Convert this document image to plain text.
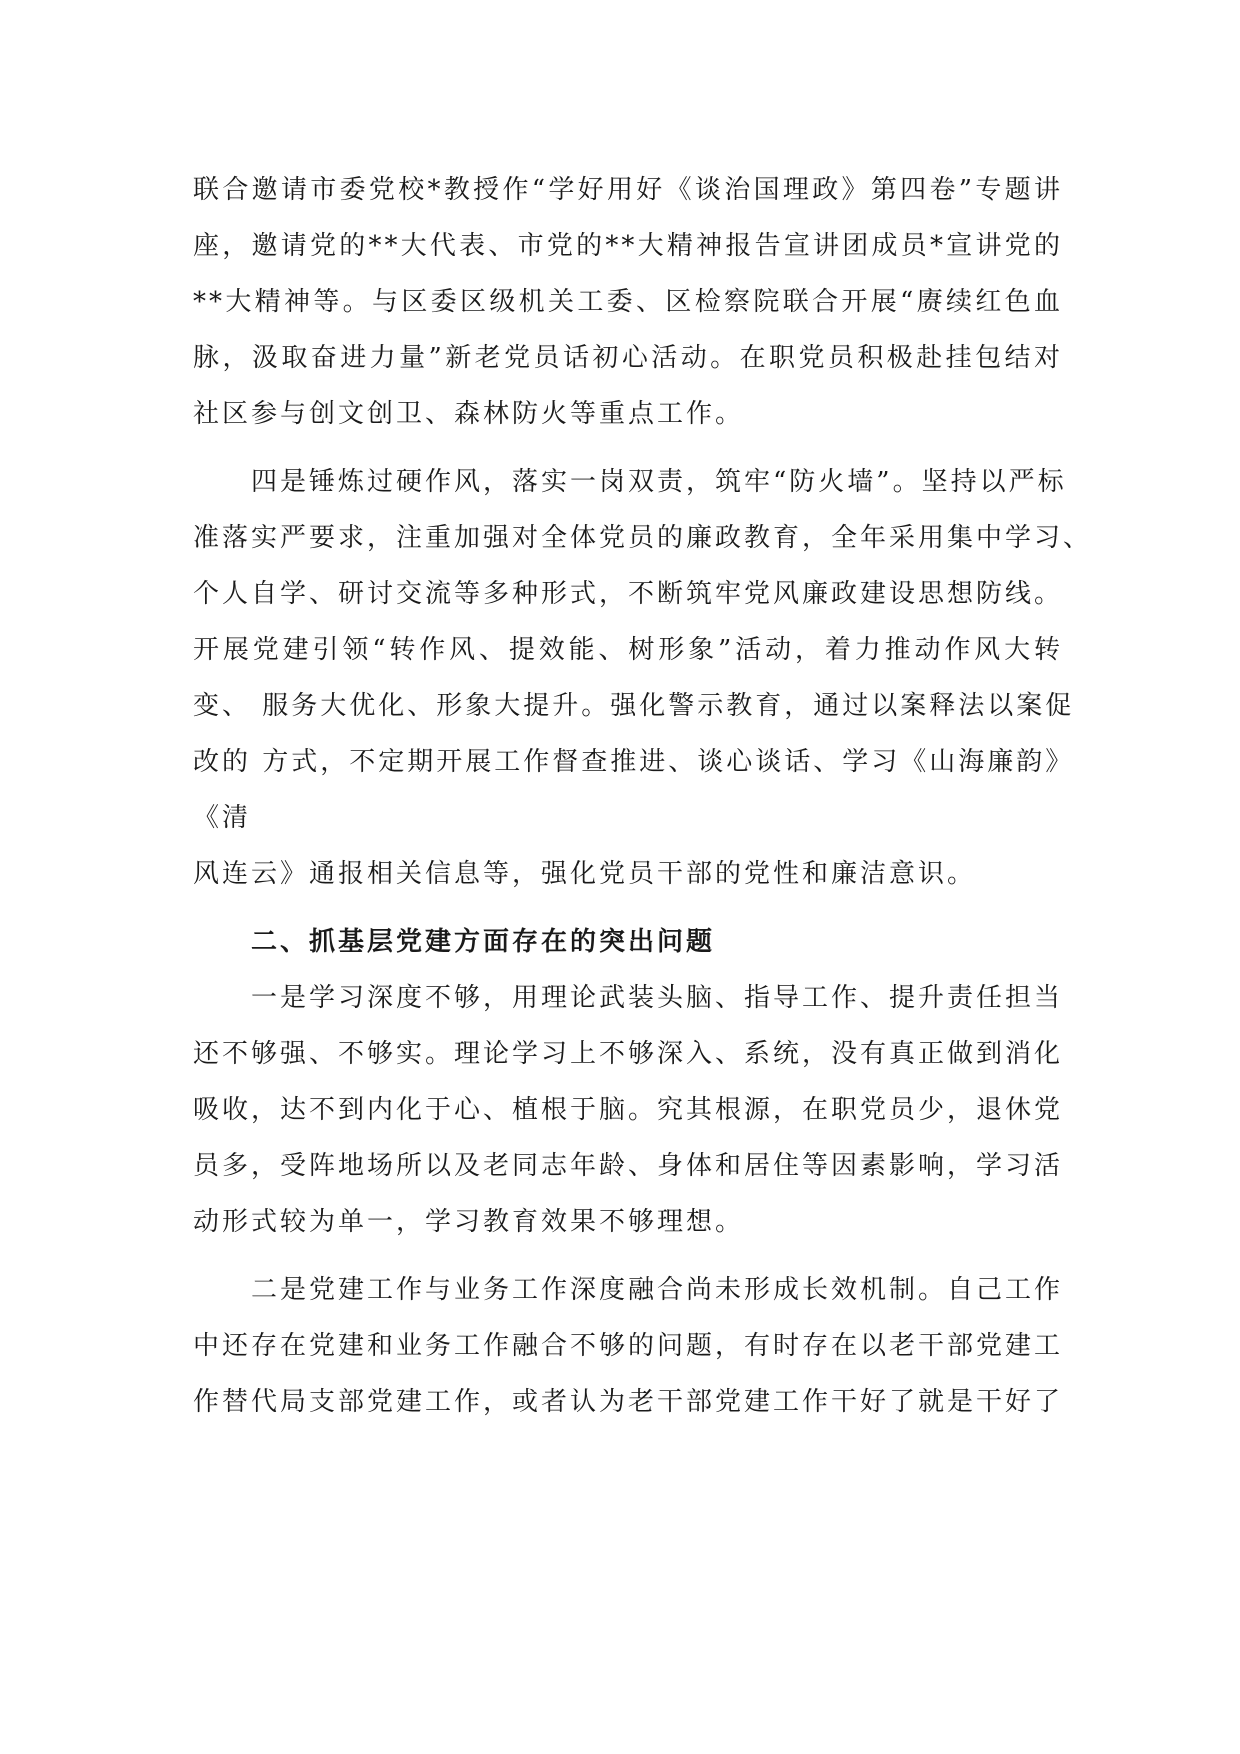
联合邀请市委党校*教授作“学好用好《谈治国理政》第四卷”专题讲
座，邀请党的**大代表、市党的**大精神报告宣讲团成员*宣讲党的
**大精神等。与区委区级机关工委、区检察院联合开展“赓续红色血
脉，汲取奋进力量”新老党员话初心活动。在职党员积极赴挂包结对
社区参与创文创卫、森林防火等重点工作。
四是锤炼过硬作风，落实一岗双责，筑牢“防火墙”。坚持以严标
准落实严要求，注重加强对全体党员的廉政教育，全年采用集中学习、
个人自学、研讨交流等多种形式，不断筑牢党风廉政建设思想防线。
开展党建引领“转作风、提效能、树形象”活动，着力推动作风大转
变、 服务大优化、形象大提升。强化警示教育，通过以案释法以案促
改的 方式，不定期开展工作督查推进、谈心谈话、学习《山海廉韵》
《清
风连云》通报相关信息等，强化党员干部的党性和廉洁意识。
二、抓基层党建方面存在的突出问题
一是学习深度不够，用理论武装头脑、指导工作、提升责任担当
还不够强、不够实。理论学习上不够深入、系统，没有真正做到消化
吸收，达不到内化于心、植根于脑。究其根源，在职党员少，退休党
员多，受阵地场所以及老同志年龄、身体和居住等因素影响，学习活
动形式较为单一，学习教育效果不够理想。
二是党建工作与业务工作深度融合尚未形成长效机制。自己工作
中还存在党建和业务工作融合不够的问题，有时存在以老干部党建工
作替代局支部党建工作，或者认为老干部党建工作干好了就是干好了
